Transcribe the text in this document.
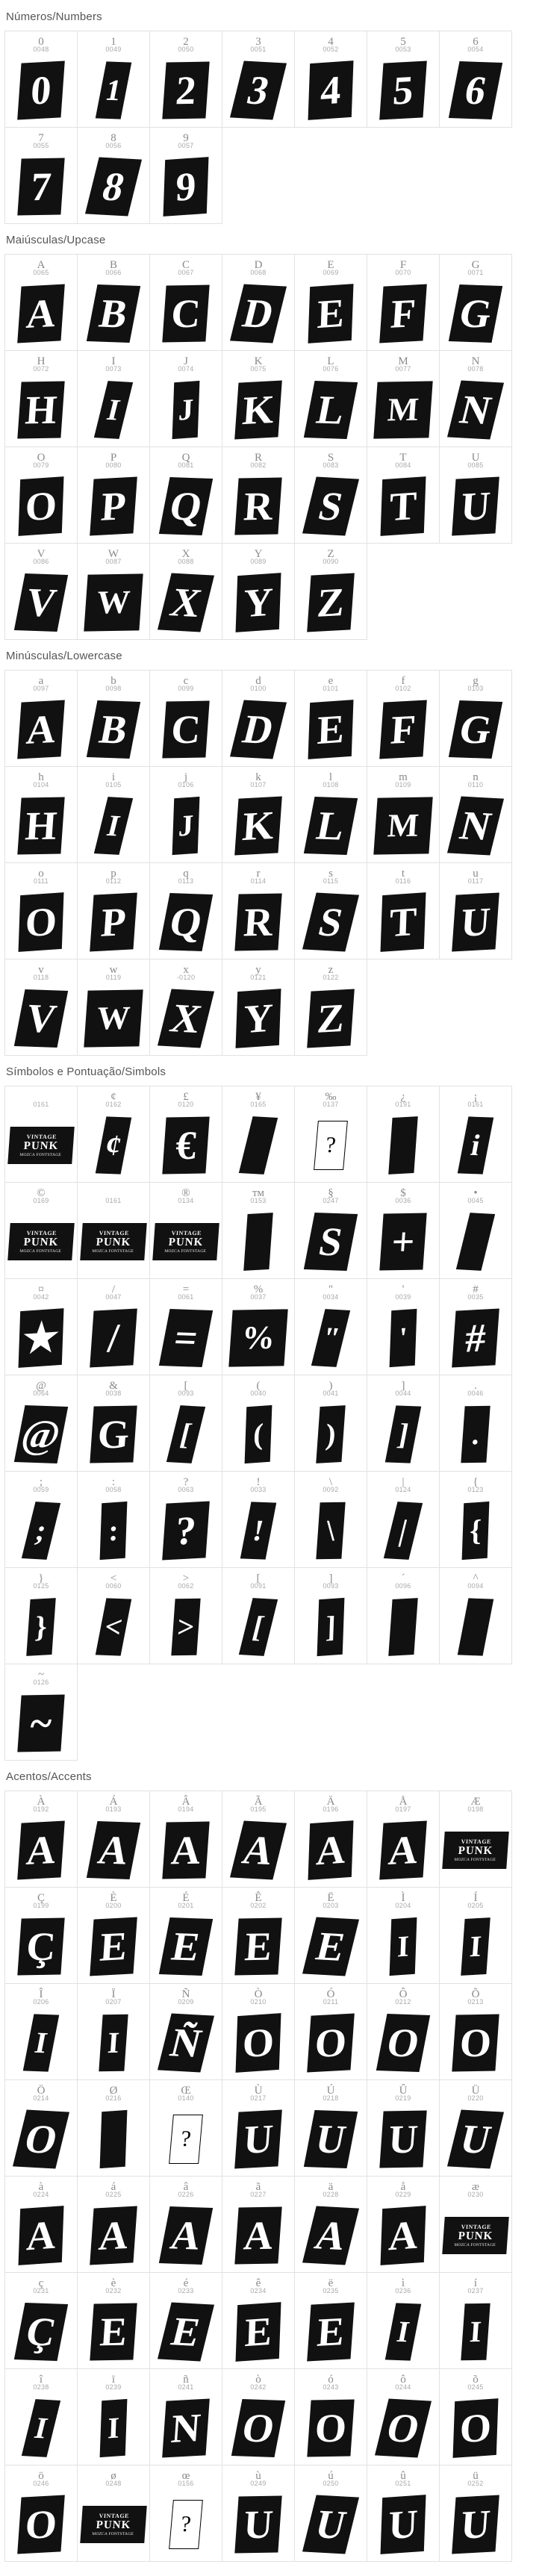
Números/Numbers
0
0048
0
1
0049
1
2
0050
2
3
0051
3
4
0052
4
5
0053
5
6
0054
6
7
0055
7
8
0056
8
9
0057
9
Maiúsculas/Upcase
A
0065
A
B
0066
B
C
0067
C
D
0068
D
E
0069
E
F
0070
F
G
0071
G
H
0072
H
I
0073
I
J
0074
J
K
0075
K
L
0076
L
M
0077
M
N
0078
N
O
0079
O
P
0080
P
Q
0081
Q
R
0082
R
S
0083
S
T
0084
T
U
0085
U
V
0086
V
W
0087
W
X
0088
X
Y
0089
Y
Z
0090
Z
Minúsculas/Lowercase
a
0097
A
b
0098
B
c
0099
C
d
0100
D
e
0101
E
f
0102
F
g
0103
G
h
0104
H
i
0105
I
j
0106
J
k
0107
K
l
0108
L
m
0109
M
n
0110
N
o
0111
O
p
0112
P
q
0113
Q
r
0114
R
s
0115
S
t
0116
T
u
0117
U
v
0118
V
w
0119
W
x
-0120
X
y
0121
Y
z
0122
Z
Símbolos e Pontuação/Simbols
0161
VINTAGE
PUNK
MOZCA FONTSTAGE
¢
0162
¢
£
0120
€
¥
0165
‰
0137
?
¿
0191
¡
0161
i
©
0169
VINTAGE
PUNK
MOZCA FONTSTAGE
0161
VINTAGE
PUNK
MOZCA FONTSTAGE
®
0134
VINTAGE
PUNK
MOZCA FONTSTAGE
тм
0153
§
0247
S
$
0036
+
•
0045
¤
0042
★
/
0047
/
=
0061
=
%
0037
%
"
0034
"
'
0039
'
#
0035
#
@
0064
@
&
0038
G
[
0093
[
(
0040
(
)
0041
)
]
0044
]
.
0046
.
;
0059
;
:
0058
:
?
0063
?
!
0033
!
\
0092
\
|
0124
|
{
0123
{
}
0125
}
<
0060
<
>
0062
>
[
0091
[
]
0093
]
´
0096
^
0094
~
0126
~
Acentos/Accents
À
0192
A
Á
0193
A
Â
0194
A
Ã
0195
A
Ä
0196
A
Å
0197
A
Æ
0198
VINTAGE
PUNK
MOZCA FONTSTAGE
Ç
0199
Ç
È
0200
E
É
0201
E
Ê
0202
E
Ë
0203
E
Ì
0204
I
Í
0205
I
Î
0206
I
Ï
0207
I
Ñ
0209
Ñ
Ò
0210
O
Ó
0211
O
Ô
0212
O
Õ
0213
O
Ö
0214
O
Ø
0216
Œ
0140
?
Ù
0217
U
Ú
0218
U
Û
0219
U
Ü
0220
U
à
0224
A
á
0225
A
â
0226
A
ã
0227
A
ä
0228
A
å
0229
A
æ
0230
VINTAGE
PUNK
MOZCA FONTSTAGE
ç
0231
Ç
è
0232
E
é
0233
E
ê
0234
E
ë
0235
E
ì
0236
I
í
0237
I
î
0238
I
ï
0239
I
ñ
0241
N
ò
0242
O
ó
0243
O
ô
0244
O
õ
0245
O
ö
0246
O
ø
0248
VINTAGE
PUNK
MOZCA FONTSTAGE
œ
0156
?
ù
0249
U
ú
0250
U
û
0251
U
ü
0252
U
